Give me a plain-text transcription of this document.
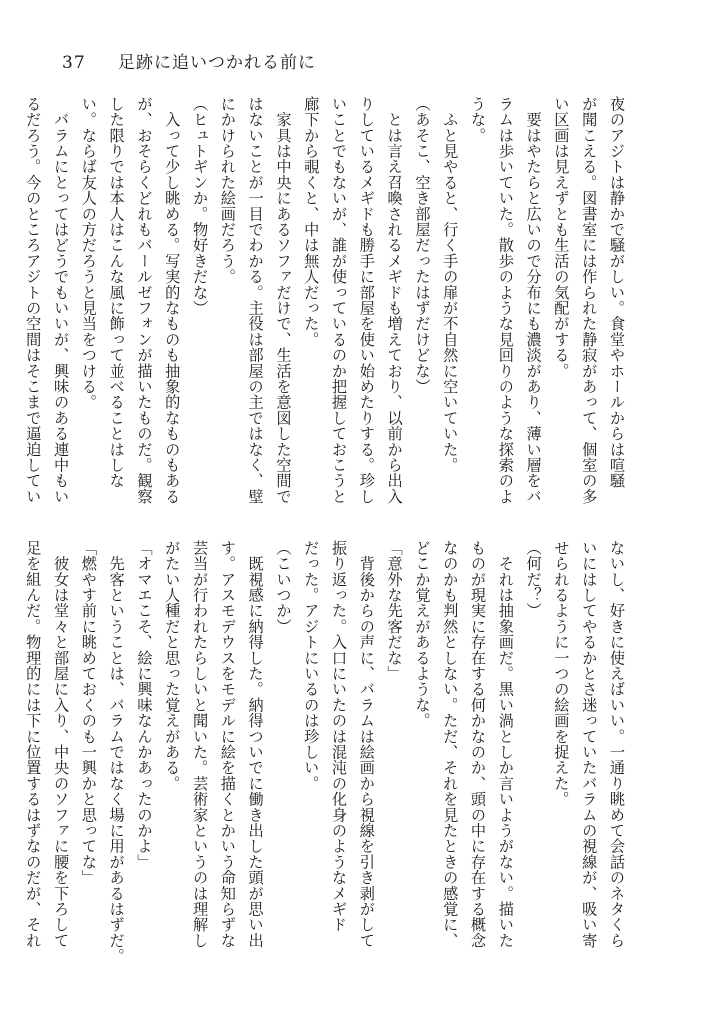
37 足跡に追いつかれる前に
夜のアジトは静かで騒がしい。食堂やホールからは喧騒
が聞こえる。図書室には作られた静寂があって、個室の多
い区画は見えずとも生活の気配がする。
　要はやたらと広いので分布にも濃淡があり、薄い層をバ
ラムは歩いていた。散歩のような見回りのような探索のよ
うな。
　ふと見やると、行く手の扉が不自然に空いていた。
（あそこ、空き部屋だったはずだけどな）
　とは言え召喚されるメギドも増えており、以前から出入
りしているメギドも勝手に部屋を使い始めたりする。珍し
いことでもないが、誰が使っているのか把握しておこうと
廊下から覗くと、中は無人だった。
　家具は中央にあるソファだけで、生活を意図した空間で
はないことが一目でわかる。主役は部屋の主ではなく、壁
にかけられた絵画だろう。
（ヒュトギンか。物好きだな）
　入って少し眺める。写実的なものも抽象的なものもある
が、おそらくどれもバールゼフォンが描いたものだ。観察
した限りでは本人はこんな風に飾って並べることはしな
い。ならば友人の方だろうと見当をつける。
　バラムにとってはどうでもいいが、興味のある連中もい
るだろう。今のところアジトの空間はそこまで逼迫してい
ないし、好きに使えばいい。一通り眺めて会話のネタくら
いにはしてやるかとさ迷っていたバラムの視線が、吸い寄
せられるように一つの絵画を捉えた。
（何だ？）
　それは抽象画だ。黒い渦としか言いようがない。描いた
ものが現実に存在する何かなのか、頭の中に存在する概念
なのかも判然としない。ただ、それを見たときの感覚に、
どこか覚えがあるような。
「意外な先客だな」
　背後からの声に、バラムは絵画から視線を引き剥がして
振り返った。入口にいたのは混沌の化身のようなメギド
だった。アジトにいるのは珍しい。
（こいつか）
　既視感に納得した。納得ついでに働き出した頭が思い出
す。アスモデウスをモデルに絵を描くとかいう命知らずな
芸当が行われたらしいと聞いた。芸術家というのは理解し
がたい人種だと思った覚えがある。
「オマエこそ、絵に興味なんかあったのかよ」
　先客ということは、バラムではなく場に用があるはずだ。
「燃やす前に眺めておくのも一興かと思ってな」
　彼女は堂々と部屋に入り、中央のソファに腰を下ろして
足を組んだ。物理的には下に位置するはずなのだが、それ
